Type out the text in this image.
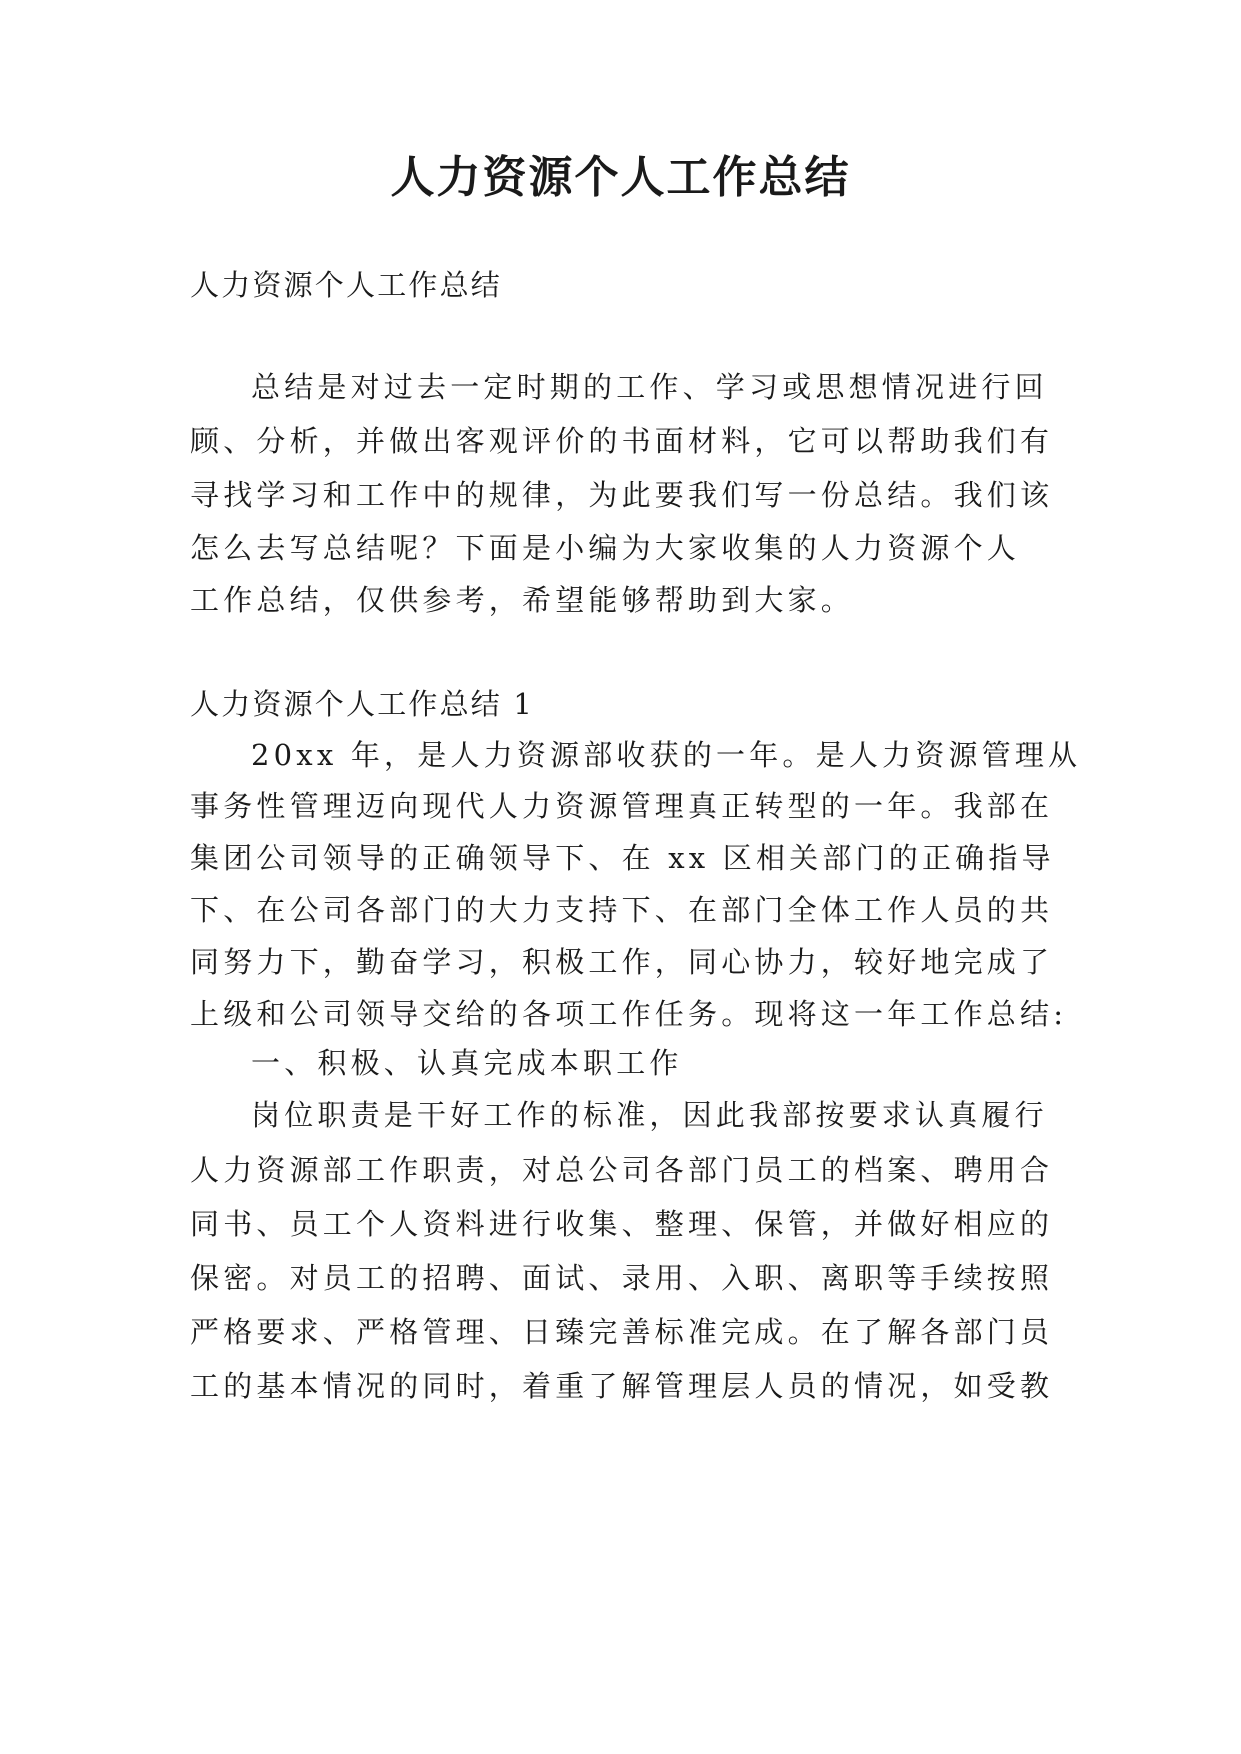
人力资源个人工作总结
人力资源个人工作总结
总结是对过去一定时期的工作、学习或思想情况进行回
顾、分析，并做出客观评价的书面材料，它可以帮助我们有
寻找学习和工作中的规律，为此要我们写一份总结。我们该
怎么去写总结呢？下面是小编为大家收集的人力资源个人
工作总结，仅供参考，希望能够帮助到大家。
人力资源个人工作总结 1
20xx 年，是人力资源部收获的一年。是人力资源管理从
事务性管理迈向现代人力资源管理真正转型的一年。我部在
集团公司领导的正确领导下、在 xx 区相关部门的正确指导
下、在公司各部门的大力支持下、在部门全体工作人员的共
同努力下，勤奋学习，积极工作，同心协力，较好地完成了
上级和公司领导交给的各项工作任务。现将这一年工作总结:
一、积极、认真完成本职工作
岗位职责是干好工作的标准，因此我部按要求认真履行
人力资源部工作职责，对总公司各部门员工的档案、聘用合
同书、员工个人资料进行收集、整理、保管，并做好相应的
保密。对员工的招聘、面试、录用、入职、离职等手续按照
严格要求、严格管理、日臻完善标准完成。在了解各部门员
工的基本情况的同时，着重了解管理层人员的情况，如受教
